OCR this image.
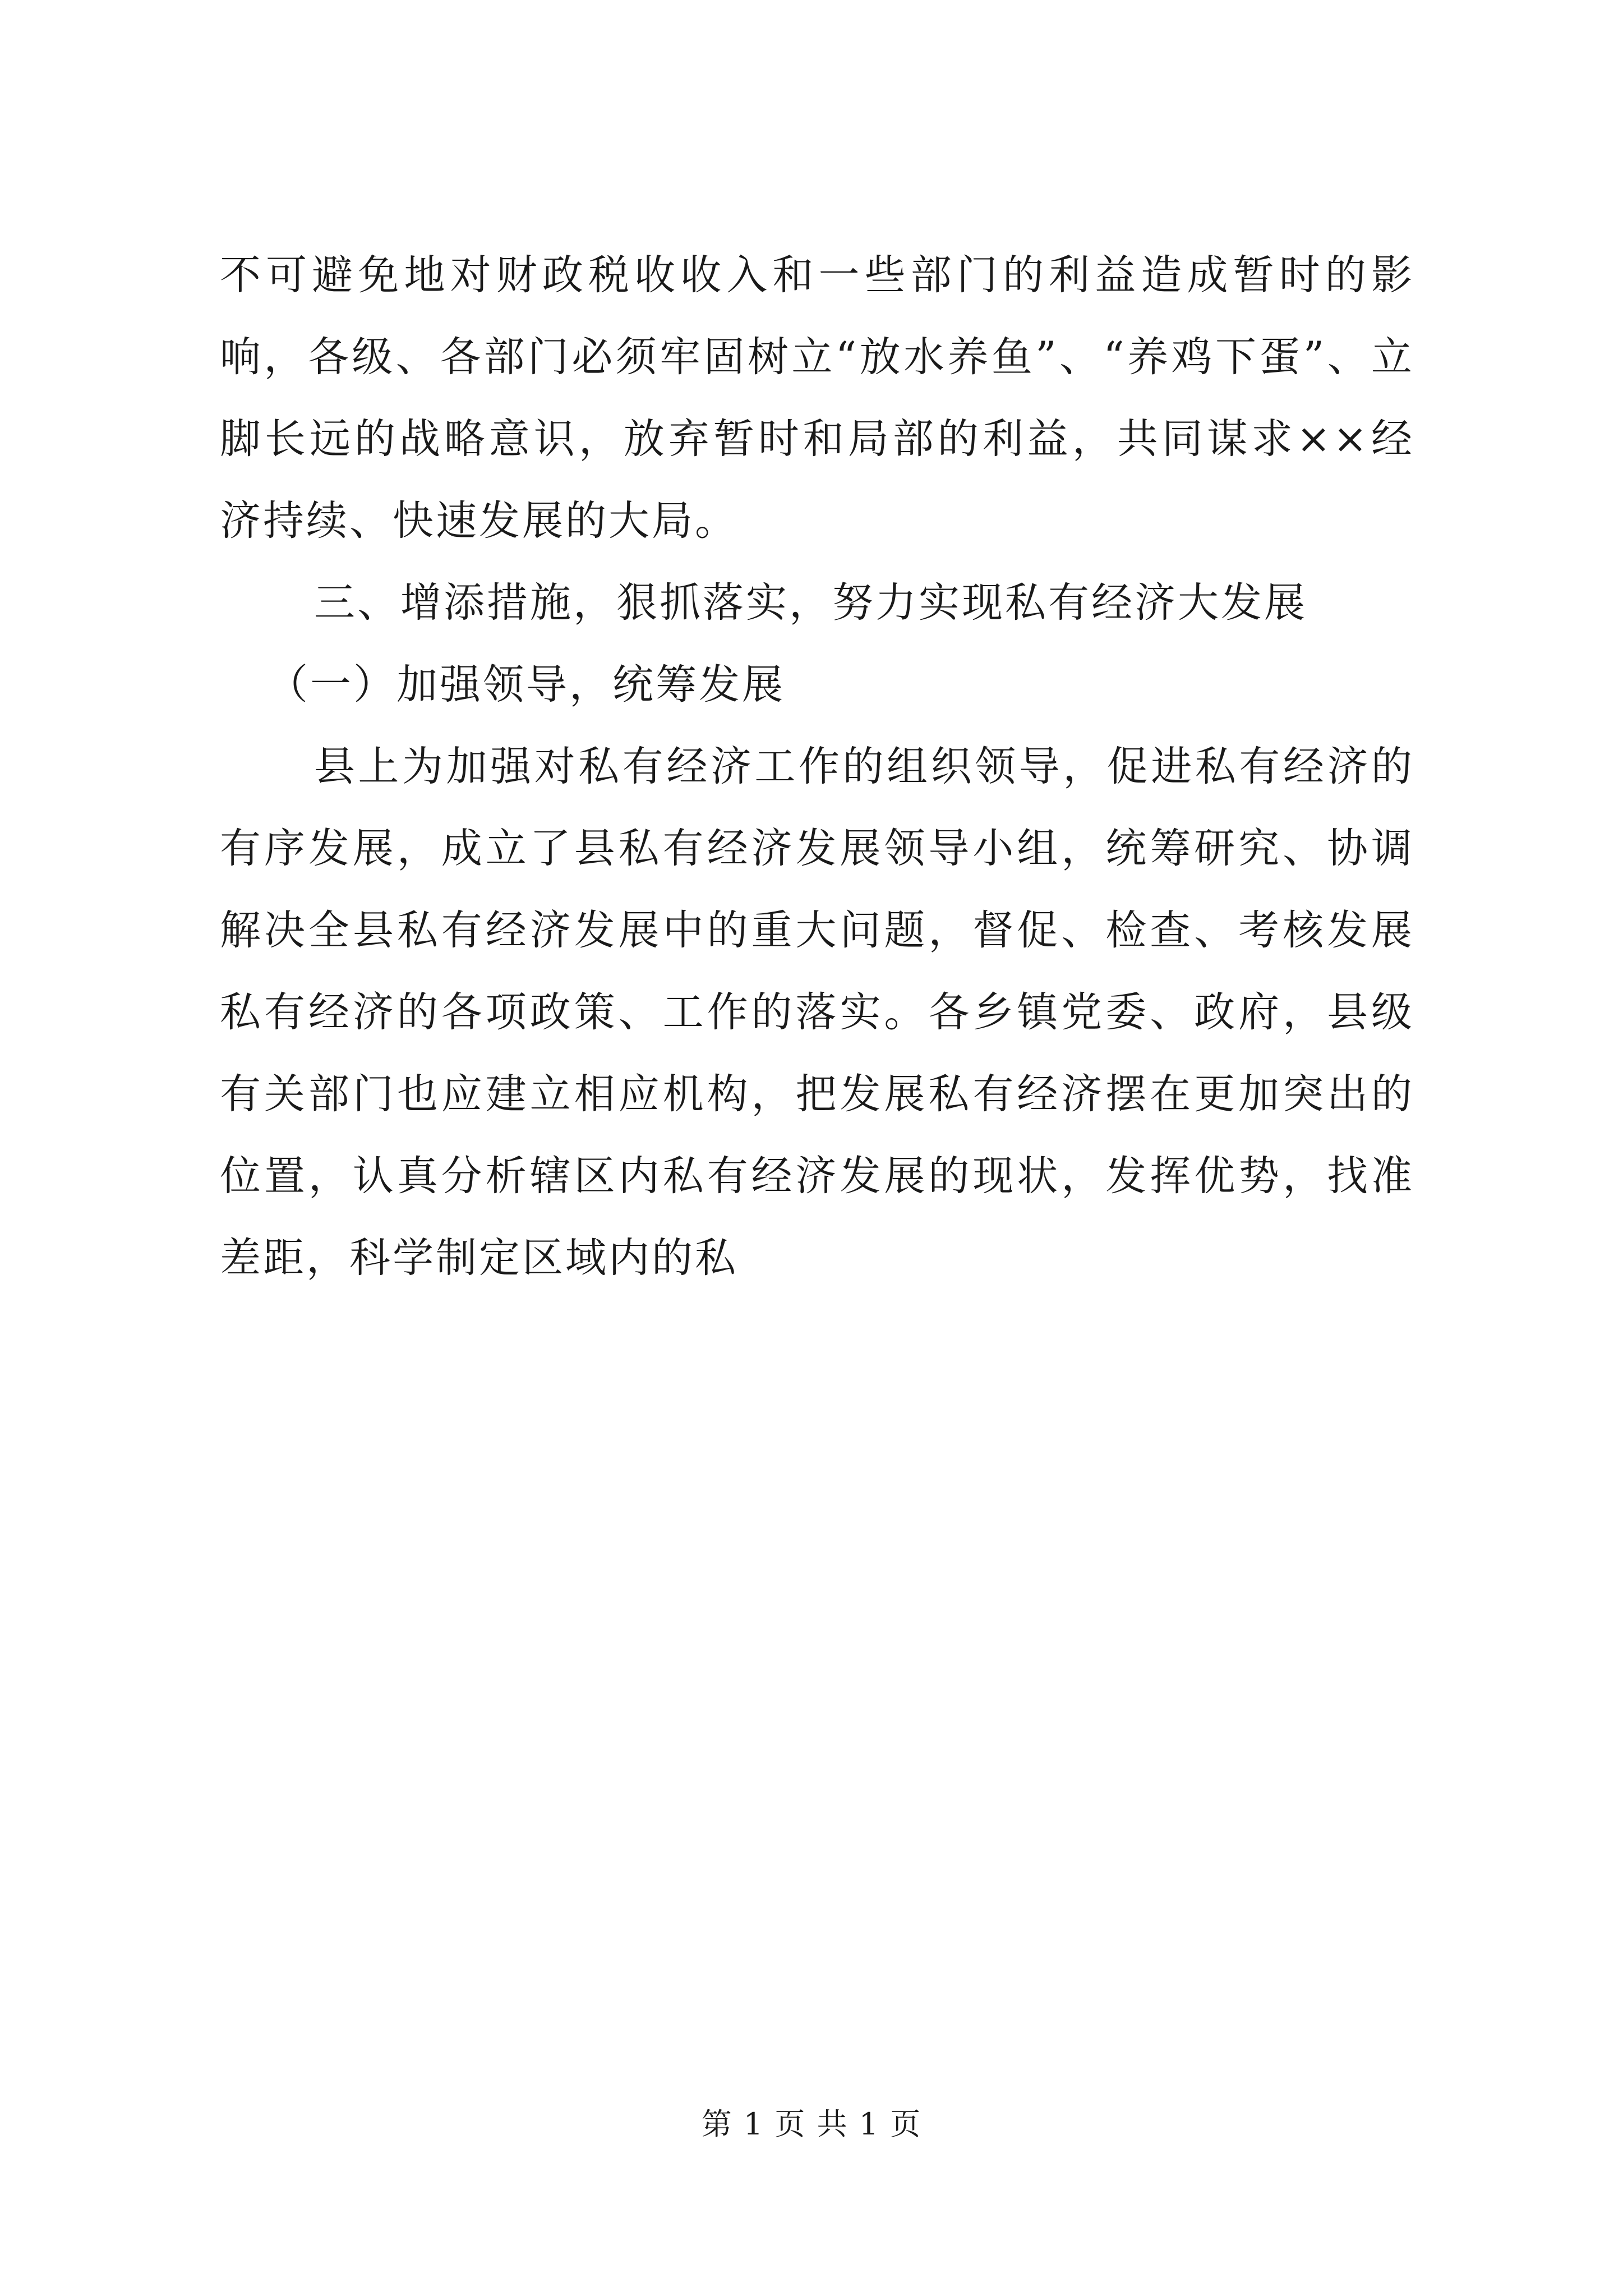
不可避免地对财政税收收入和一些部门的利益造成暂时的影响，各级、各部门必须牢固树立“放水养鱼”、“养鸡下蛋”、立脚长远的战略意识，放弃暂时和局部的利益，共同谋求××经济持续、快速发展的大局。

三、增添措施，狠抓落实，努力实现私有经济大发展

（一）加强领导，统筹发展

县上为加强对私有经济工作的组织领导，促进私有经济的有序发展，成立了县私有经济发展领导小组，统筹研究、协调解决全县私有经济发展中的重大问题，督促、检查、考核发展私有经济的各项政策、工作的落实。各乡镇党委、政府，县级有关部门也应建立相应机构，把发展私有经济摆在更加突出的位置，认真分析辖区内私有经济发展的现状，发挥优势，找准差距，科学制定区域内的私

第 1 页 共 1 页
